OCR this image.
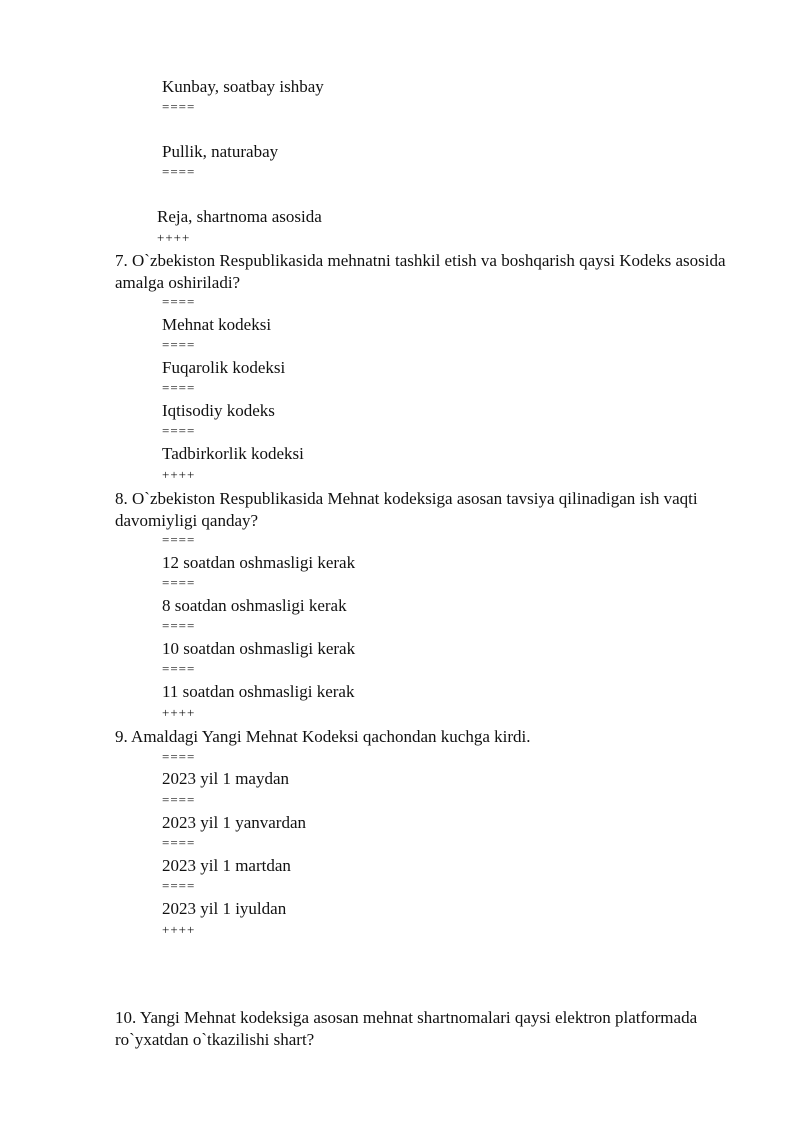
Kunbay, soatbay ishbay
====
Pullik, naturabay
====
Reja, shartnoma asosida
++++
7. O`zbekiston Respublikasida mehnatni tashkil etish va boshqarish qaysi Kodeks asosida amalga oshiriladi?
====
Mehnat kodeksi
====
Fuqarolik kodeksi
====
Iqtisodiy kodeks
====
Tadbirkorlik kodeksi
++++
8. O`zbekiston Respublikasida Mehnat kodeksiga asosan tavsiya qilinadigan ish vaqti davomiyligi qanday?
====
12 soatdan oshmasligi kerak
====
8 soatdan oshmasligi kerak
====
10 soatdan oshmasligi kerak
====
11 soatdan oshmasligi kerak
++++
9. Amaldagi Yangi Mehnat Kodeksi qachondan kuchga kirdi.
====
2023 yil 1 maydan
====
2023 yil 1 yanvardan
====
2023 yil 1 martdan
====
2023 yil 1 iyuldan
++++
10. Yangi Mehnat kodeksiga asosan mehnat shartnomalari qaysi elektron platformada ro`yxatdan o`tkazilishi shart?
